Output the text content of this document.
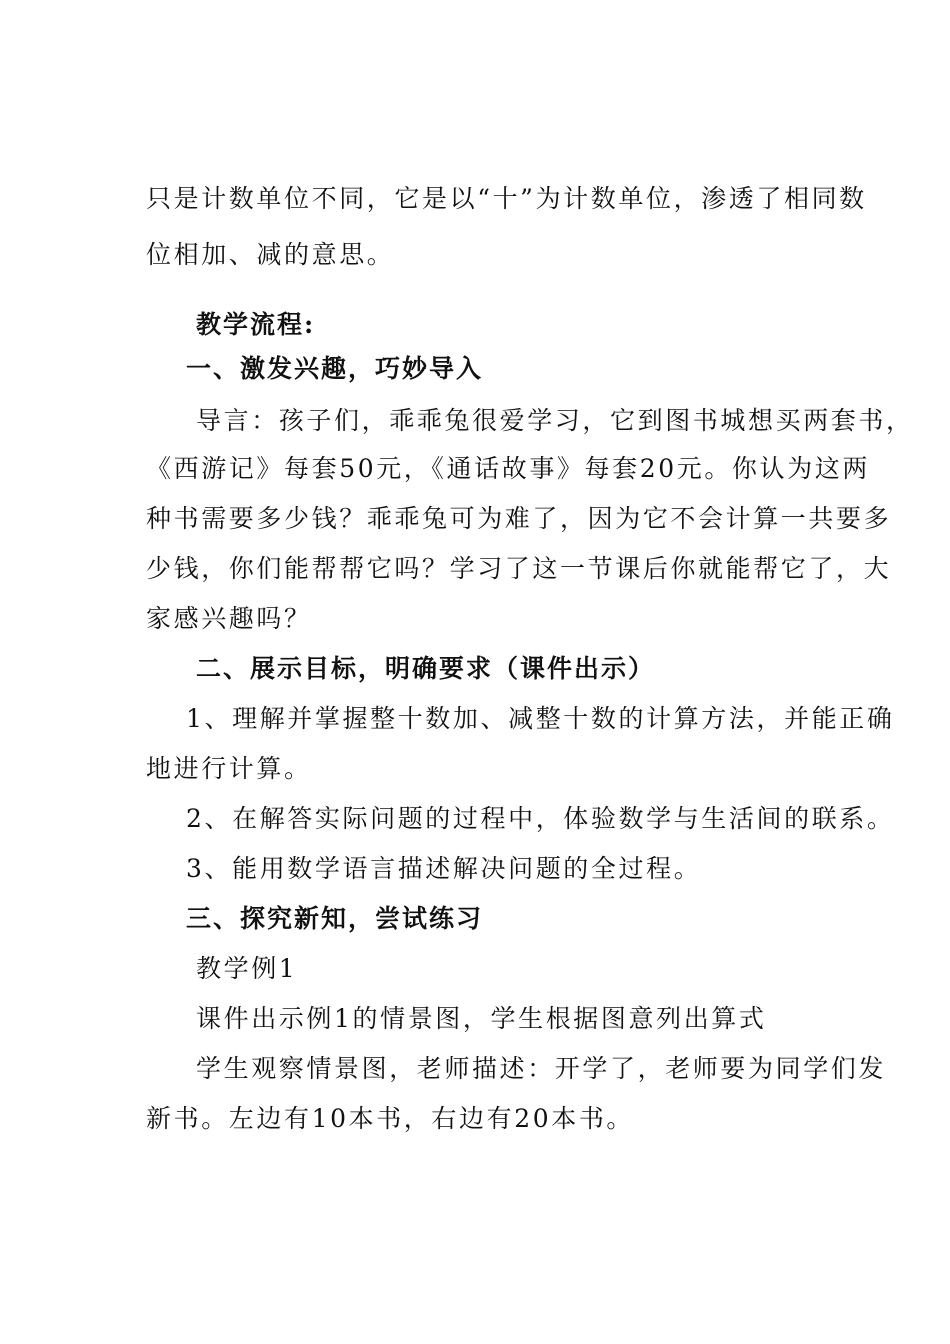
只是计数单位不同，它是以“十”为计数单位，渗透了相同数
位相加、减的意思。
教学流程:
一、激发兴趣，巧妙导入
导言：孩子们，乖乖兔很爱学习，它到图书城想买两套书，
《西游记》每套50元，《通话故事》每套20元。你认为这两
种书需要多少钱？乖乖兔可为难了，因为它不会计算一共要多
少钱，你们能帮帮它吗？学习了这一节课后你就能帮它了，大
家感兴趣吗？
二、展示目标，明确要求（课件出示）
1、理解并掌握整十数加、减整十数的计算方法，并能正确
地进行计算。
2、在解答实际问题的过程中，体验数学与生活间的联系。
3、能用数学语言描述解决问题的全过程。
三、探究新知，尝试练习
教学例1
课件出示例1的情景图，学生根据图意列出算式
学生观察情景图，老师描述：开学了，老师要为同学们发
新书。左边有10本书，右边有20本书。
